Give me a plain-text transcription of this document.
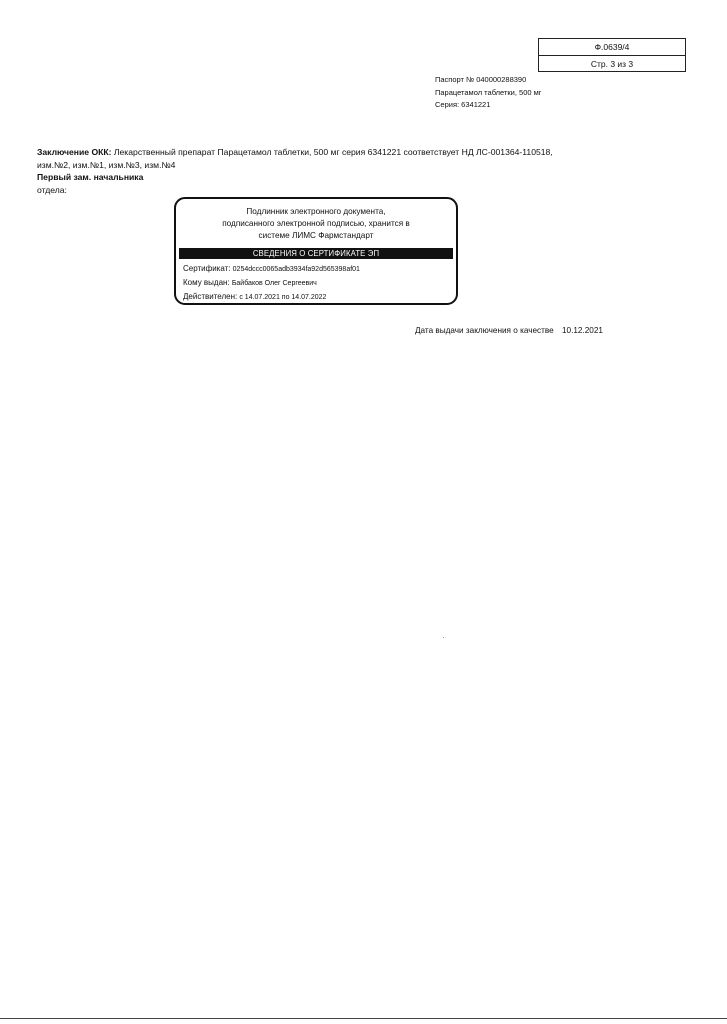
Ф.0639/4
Стр. 3 из 3
Паспорт № 040000288390
Парацетамол таблетки, 500 мг
Серия: 6341221
Заключение ОКК: Лекарственный препарат Парацетамол таблетки, 500 мг серия 6341221 соответствует НД ЛС-001364-110518,
изм.№2, изм.№1, изм.№3, изм.№4
Первый зам. начальника
отдела:
Подлинник электронного документа,
подписанного электронной подписью, хранится в
системе ЛИМС Фармстандарт
СВЕДЕНИЯ О СЕРТИФИКАТЕ ЭП
Сертификат: 0254dccc0065adb3934fa92d565398af01
Кому выдан: Байбаков Олег Сергеевич
Действителен: с 14.07.2021 по 14.07.2022
Дата выдачи заключения о качестве 10.12.2021
